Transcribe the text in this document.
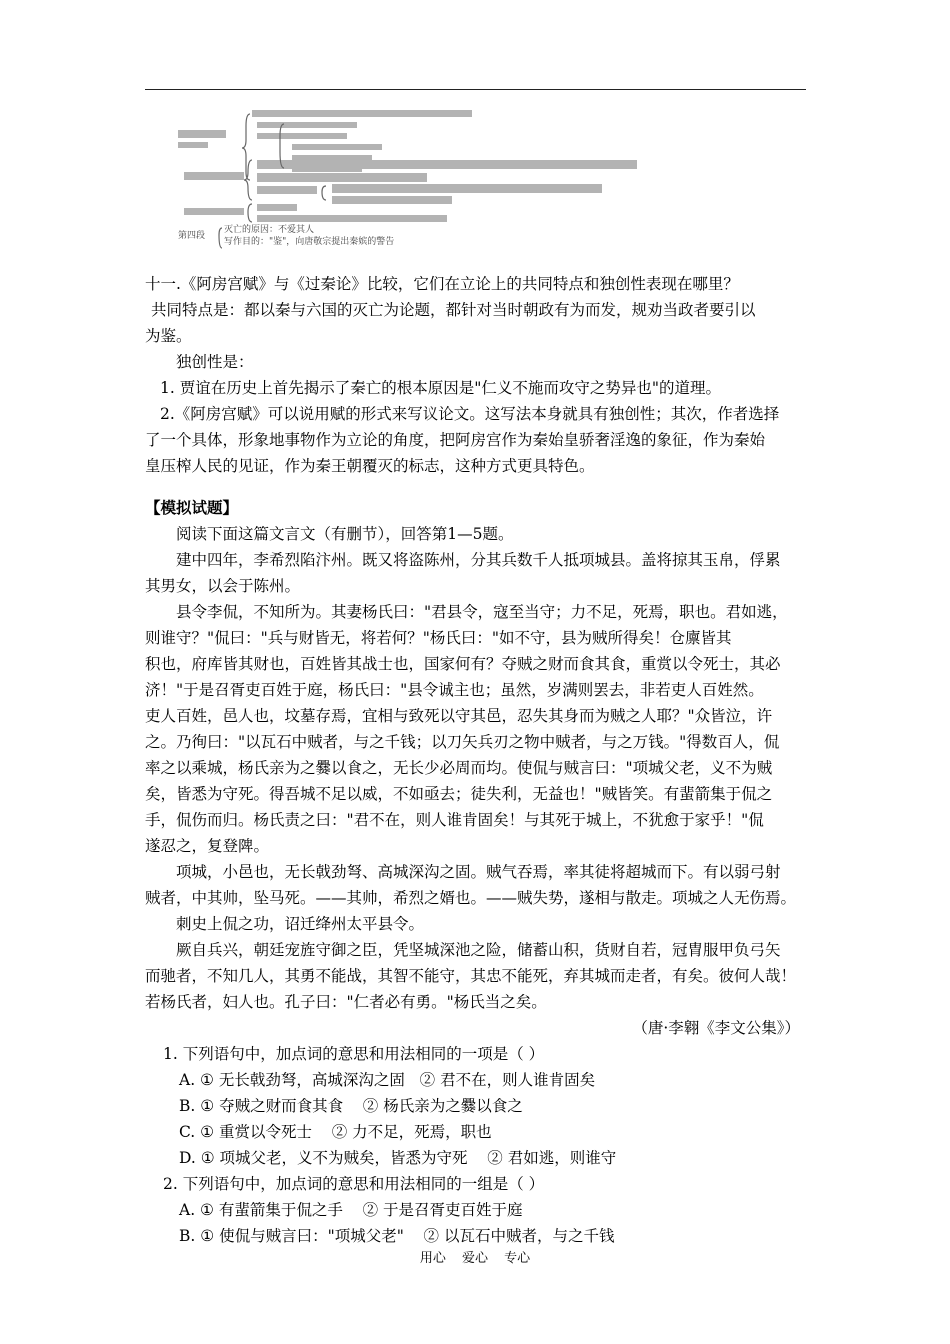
第四段
灭亡的原因：不爱其人
写作目的："鉴"，向唐敬宗提出秦嫔的警告
十一.《阿房宫赋》与《过秦论》比较，它们在立论上的共同特点和独创性表现在哪里？
共同特点是：都以秦与六国的灭亡为论题，都针对当时朝政有为而发，规劝当政者要引以
为鉴。
独创性是：
1. 贾谊在历史上首先揭示了秦亡的根本原因是"仁义不施而攻守之势异也"的道理。
2.《阿房宫赋》可以说用赋的形式来写议论文。这写法本身就具有独创性；其次，作者选择
了一个具体，形象地事物作为立论的角度，把阿房宫作为秦始皇骄奢淫逸的象征，作为秦始
皇压榨人民的见证，作为秦王朝覆灭的标志，这种方式更具特色。
【模拟试题】
阅读下面这篇文言文（有删节），回答第1—5题。
建中四年，李希烈陷汴州。既又将盗陈州，分其兵数千人抵项城县。盖将掠其玉帛，俘累
其男女，以会于陈州。
县令李侃，不知所为。其妻杨氏曰："君县令，寇至当守；力不足，死焉，职也。君如逃，
则谁守？"侃曰："兵与财皆无，将若何？"杨氏曰："如不守，县为贼所得矣！仓廪皆其
积也，府库皆其财也，百姓皆其战士也，国家何有？夺贼之财而食其食，重赏以令死士，其必
济！"于是召胥吏百姓于庭，杨氏曰："县令诚主也；虽然，岁满则罢去，非若吏人百姓然。
吏人百姓，邑人也，坟墓存焉，宜相与致死以守其邑，忍失其身而为贼之人耶？"众皆泣，许
之。乃徇曰："以瓦石中贼者，与之千钱；以刀矢兵刃之物中贼者，与之万钱。"得数百人，侃
率之以乘城，杨氏亲为之爨以食之，无长少必周而均。使侃与贼言曰："项城父老，义不为贼
矣，皆悉为守死。得吾城不足以威，不如亟去；徒失利，无益也！"贼皆笑。有蜚箭集于侃之
手，侃伤而归。杨氏责之曰："君不在，则人谁肯固矣！与其死于城上，不犹愈于家乎！"侃
遂忍之，复登陴。
项城，小邑也，无长戟劲弩、高城深沟之固。贼气吞焉，率其徒将超城而下。有以弱弓射
贼者，中其帅，坠马死。——其帅，希烈之婿也。——贼失势，遂相与散走。项城之人无伤焉。
刺史上侃之功，诏迁绛州太平县令。
厥自兵兴，朝廷宠旌守御之臣，凭坚城深池之险，储蓄山积，货财自若，冠胄服甲负弓矢
而驰者，不知几人，其勇不能战，其智不能守，其忠不能死，弃其城而走者，有矣。彼何人哉！
若杨氏者，妇人也。孔子曰："仁者必有勇。"杨氏当之矣。
（唐·李翱《李文公集》）
1. 下列语句中，加点词的意思和用法相同的一项是（ ）
A. ① 无长戟劲弩，高城深沟之固   ② 君不在，则人谁肯固矣
B. ① 夺贼之财而食其食    ② 杨氏亲为之爨以食之
C. ① 重赏以令死士    ② 力不足，死焉，职也
D. ① 项城父老，义不为贼矣，皆悉为守死    ② 君如逃，则谁守
2. 下列语句中，加点词的意思和用法相同的一组是（ ）
A. ① 有蜚箭集于侃之手    ② 于是召胥吏百姓于庭
B. ① 使侃与贼言曰："项城父老"    ② 以瓦石中贼者，与之千钱
用心 爱心 专心
